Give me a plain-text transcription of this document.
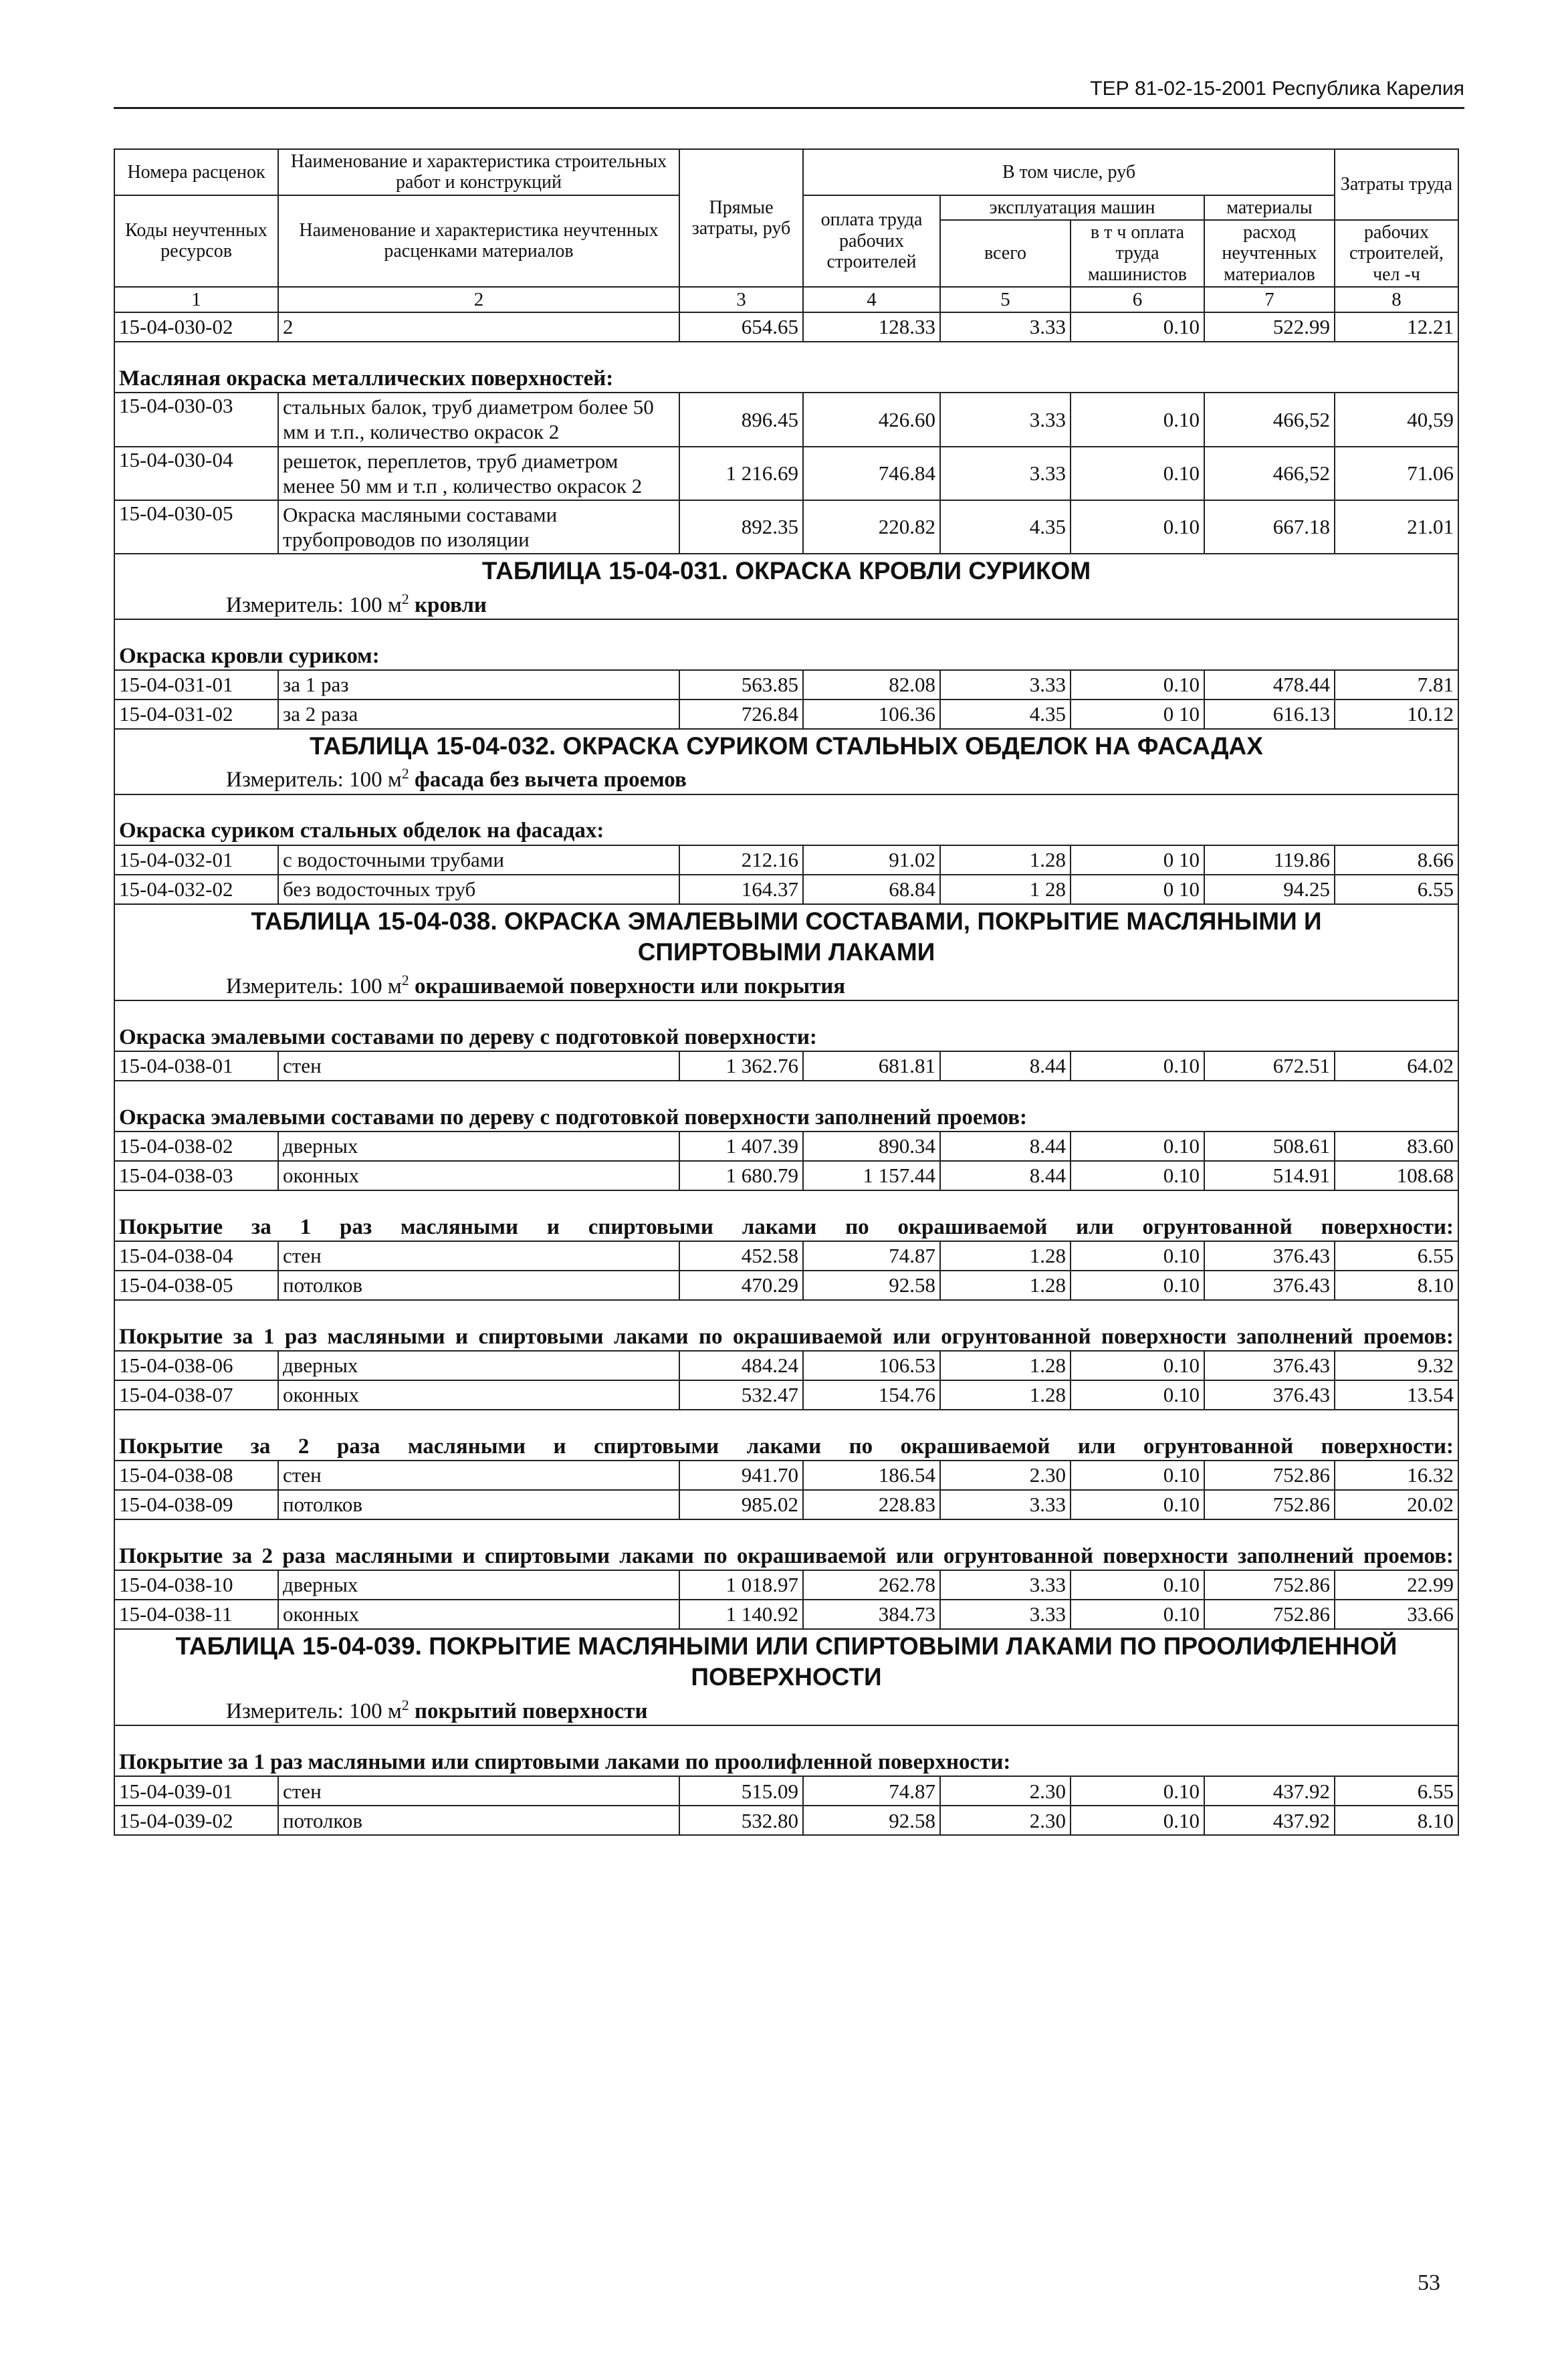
ТЕР 81-02-15-2001 Республика Карелия
Номера расценок	Наименование и характеристика строительных работ и конструкций	Прямые затраты, руб	В том числе, руб				Затраты труда
Коды неучтенных ресурсов	Наименование и характеристика неучтенных расценками материалов		оплата труда рабочих строителей	эксплуатация машин		материалы	
				всего	в т ч оплата труда машинистов	расход неучтенных материалов	рабочих строителей, чел -ч
1	2	3	4	5	6	7	8
15-04-030-02	2	654.65	128.33	3.33	0.10	522.99	12.21
Масляная окраска металлических поверхностей:							
15-04-030-03	стальных балок, труб диаметром более 50 мм и т.п., количество окрасок 2	896.45	426.60	3.33	0.10	466,52	40,59
15-04-030-04	решеток, переплетов, труб диаметром менее 50 мм и т.п , количество окрасок 2	1 216.69	746.84	3.33	0.10	466,52	71.06
15-04-030-05	Окраска масляными составами трубопроводов по изоляции	892.35	220.82	4.35	0.10	667.18	21.01

ТАБЛИЦА 15-04-031. ОКРАСКА КРОВЛИ СУРИКОМ
Измеритель: 100 $м^2$ кровли							

Окраска кровли суриком:							
15-04-031-01	за 1 раз	563.85	82.08	3.33	0.10	478.44	7.81
15-04-031-02	за 2 раза	726.84	106.36	4.35	0 10	616.13	10.12

ТАБЛИЦА 15-04-032. ОКРАСКА СУРИКОМ СТАЛЬНЫХ ОБДЕЛОК НА ФАСАДАХ
Измеритель: 100 $м^2$ фасада без вычета проемов							

Окраска суриком стальных обделок на фасадах:							
15-04-032-01	с водосточными трубами	212.16	91.02	1.28	0 10	119.86	8.66
15-04-032-02	без водосточных труб	164.37	68.84	1 28	0 10	94.25	6.55

ТАБЛИЦА 15-04-038. ОКРАСКА ЭМАЛЕВЫМИ СОСТАВАМИ, ПОКРЫТИЕ МАСЛЯНЫМИ И СПИРТОВЫМИ ЛАКАМИ
Измеритель: 100 $м^2$ окрашиваемой поверхности или покрытия							

Окраска эмалевыми составами по дереву с подготовкой поверхности:							
15-04-038-01	стен	1 362.76	681.81	8.44	0.10	672.51	64.02
Окраска эмалевыми составами по дереву с подготовкой поверхности заполнений проемов:							
15-04-038-02	дверных	1 407.39	890.34	8.44	0.10	508.61	83.60
15-04-038-03	оконных	1 680.79	1 157.44	8.44	0.10	514.91	108.68
Покрытие за 1 раз масляными и спиртовыми лаками по окрашиваемой или огрунтованной поверхности:							
15-04-038-04	стен	452.58	74.87	1.28	0.10	376.43	6.55
15-04-038-05	потолков	470.29	92.58	1.28	0.10	376.43	8.10
Покрытие за 1 раз масляными и спиртовыми лаками по окрашиваемой или огрунтованной поверхности заполнений проемов:							
15-04-038-06	дверных	484.24	106.53	1.28	0.10	376.43	9.32
15-04-038-07	оконных	532.47	154.76	1.28	0.10	376.43	13.54
Покрытие за 2 раза масляными и спиртовыми лаками по окрашиваемой или огрунтованной поверхности:							
15-04-038-08	стен	941.70	186.54	2.30	0.10	752.86	16.32
15-04-038-09	потолков	985.02	228.83	3.33	0.10	752.86	20.02
Покрытие за 2 раза масляными и спиртовыми лаками по окрашиваемой или огрунтованной поверхности заполнений проемов:							
15-04-038-10	дверных	1 018.97	262.78	3.33	0.10	752.86	22.99
15-04-038-11	оконных	1 140.92	384.73	3.33	0.10	752.86	33.66

ТАБЛИЦА 15-04-039. ПОКРЫТИЕ МАСЛЯНЫМИ ИЛИ СПИРТОВЫМИ ЛАКАМИ ПО ПРООЛИФЛЕННОЙ ПОВЕРХНОСТИ
Измеритель: 100 $м^2$ покрытий поверхности							

Покрытие за 1 раз масляными или спиртовыми лаками по проолифленной поверхности:							
15-04-039-01	стен	515.09	74.87	2.30	0.10	437.92	6.55
15-04-039-02	потолков	532.80	92.58	2.30	0.10	437.92	8.10
53
